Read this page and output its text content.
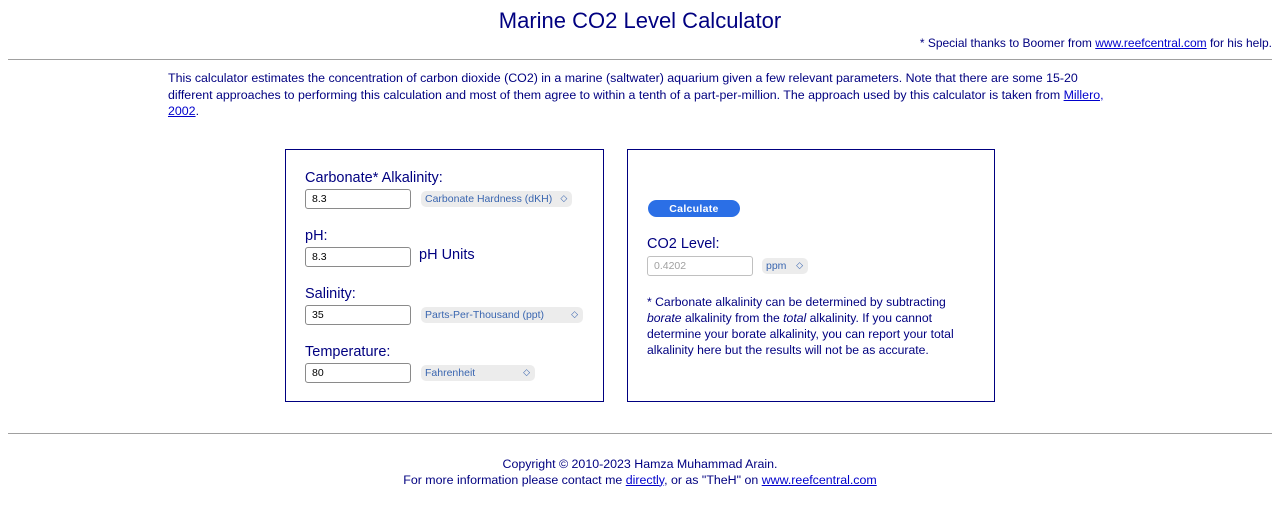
Marine CO2 Level Calculator
* Special thanks to Boomer from www.reefcentral.com for his help.
This calculator estimates the concentration of carbon dioxide (CO2) in a marine (saltwater) aquarium given a few relevant parameters. Note that there are some 15-20 different approaches to performing this calculation and most of them agree to within a tenth of a part-per-million. The approach used by this calculator is taken from Millero, 2002.
Carbonate* Alkalinity:
8.3
Carbonate Hardness (dKH) ◇
pH:
8.3
pH Units
Salinity:
35
Parts-Per-Thousand (ppt)	◇
Temperature:
80
Fahrenheit	◇
Calculate
CO2 Level:
0.4202
ppm ◇
* Carbonate alkalinity can be determined by subtracting borate alkalinity from the total alkalinity. If you cannot determine your borate alkalinity, you can report your total alkalinity here but the results will not be as accurate.
Copyright © 2010-2023 Hamza Muhammad Arain.
For more information please contact me directly, or as "TheH" on www.reefcentral.com
